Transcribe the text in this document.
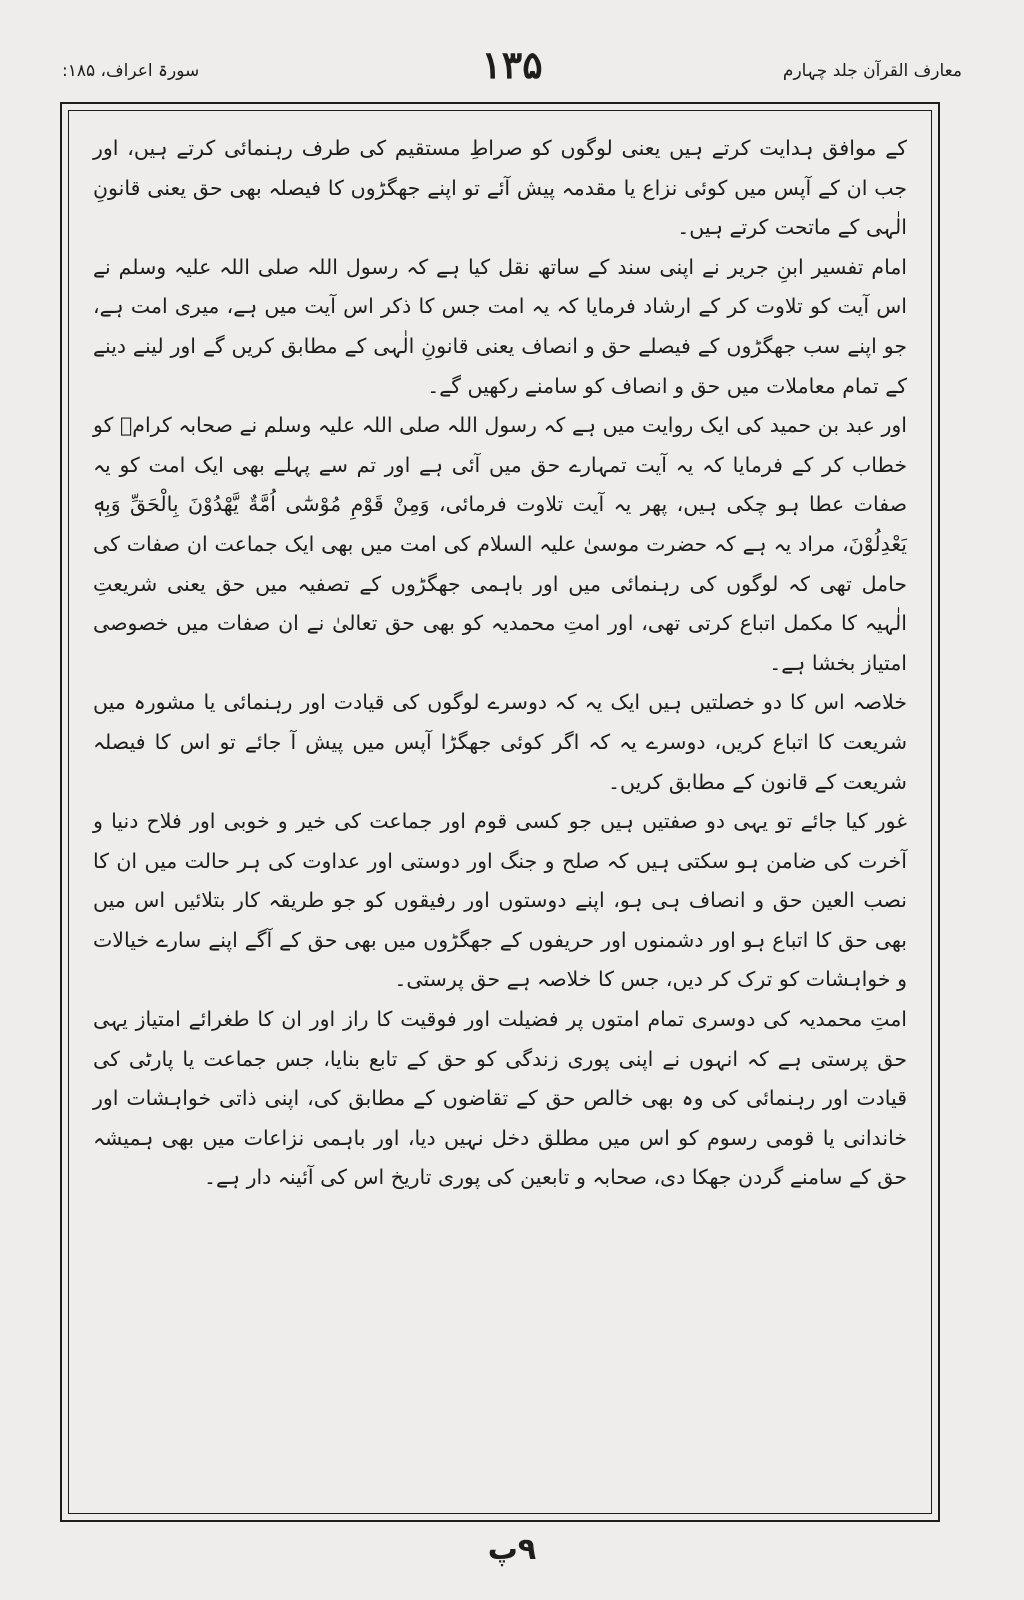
سورۃ اعراف، ۱۸۵:	۱۳۵	معارف القرآن جلد چہارم

کے موافق ہدایت کرتے ہیں یعنی لوگوں کو صراطِ مستقیم کی طرف رہنمائی کرتے ہیں، اور جب ان کے آپس میں کوئی نزاع یا مقدمہ پیش آئے تو اپنے جھگڑوں کا فیصلہ بھی حق یعنی قانونِ الٰہی کے ماتحت کرتے ہیں۔

امام تفسیر ابنِ جریر نے اپنی سند کے ساتھ نقل کیا ہے کہ رسول اللہ صلی اللہ علیہ وسلم نے اس آیت کو تلاوت کر کے ارشاد فرمایا کہ یہ امت جس کا ذکر اس آیت میں ہے، میری امت ہے، جو اپنے سب جھگڑوں کے فیصلے حق و انصاف یعنی قانونِ الٰہی کے مطابق کریں گے اور لینے دینے کے تمام معاملات میں حق و انصاف کو سامنے رکھیں گے۔

اور عبد بن حمید کی ایک روایت میں ہے کہ رسول اللہ صلی اللہ علیہ وسلم نے صحابہ کرامؓ کو خطاب کر کے فرمایا کہ یہ آیت تمہارے حق میں آئی ہے اور تم سے پہلے بھی ایک امت کو یہ صفات عطا ہو چکی ہیں، پھر یہ آیت تلاوت فرمائی، وَمِنْ قَوْمِ مُوْسٰٓى اُمَّةٌ يَّهْدُوْنَ بِالْحَقِّ وَبِهٖ يَعْدِلُوْنَ، مراد یہ ہے کہ حضرت موسیٰ علیہ السلام کی امت میں بھی ایک جماعت ان صفات کی حامل تھی کہ لوگوں کی رہنمائی میں اور باہمی جھگڑوں کے تصفیہ میں حق یعنی شریعتِ الٰہیہ کا مکمل اتباع کرتی تھی، اور امتِ محمدیہ کو بھی حق تعالیٰ نے ان صفات میں خصوصی امتیاز بخشا ہے۔

خلاصہ اس کا دو خصلتیں ہیں ایک یہ کہ دوسرے لوگوں کی قیادت اور رہنمائی یا مشورہ میں شریعت کا اتباع کریں، دوسرے یہ کہ اگر کوئی جھگڑا آپس میں پیش آ جائے تو اس کا فیصلہ شریعت کے قانون کے مطابق کریں۔

غور کیا جائے تو یہی دو صفتیں ہیں جو کسی قوم اور جماعت کی خیر و خوبی اور فلاح دنیا و آخرت کی ضامن ہو سکتی ہیں کہ صلح و جنگ اور دوستی اور عداوت کی ہر حالت میں ان کا نصب العین حق و انصاف ہی ہو، اپنے دوستوں اور رفیقوں کو جو طریقہ کار بتلائیں اس میں بھی حق کا اتباع ہو اور دشمنوں اور حریفوں کے جھگڑوں میں بھی حق کے آگے اپنے سارے خیالات و خواہشات کو ترک کر دیں، جس کا خلاصہ ہے حق پرستی۔

امتِ محمدیہ کی دوسری تمام امتوں پر فضیلت اور فوقیت کا راز اور ان کا طغرائے امتیاز یہی حق پرستی ہے کہ انہوں نے اپنی پوری زندگی کو حق کے تابع بنایا، جس جماعت یا پارٹی کی قیادت اور رہنمائی کی وہ بھی خالص حق کے تقاضوں کے مطابق کی، اپنی ذاتی خواہشات اور خاندانی یا قومی رسوم کو اس میں مطلق دخل نہیں دیا، اور باہمی نزاعات میں بھی ہمیشہ حق کے سامنے گردن جھکا دی، صحابہ و تابعین کی پوری تاریخ اس کی آئینہ دار ہے۔

۹پ
